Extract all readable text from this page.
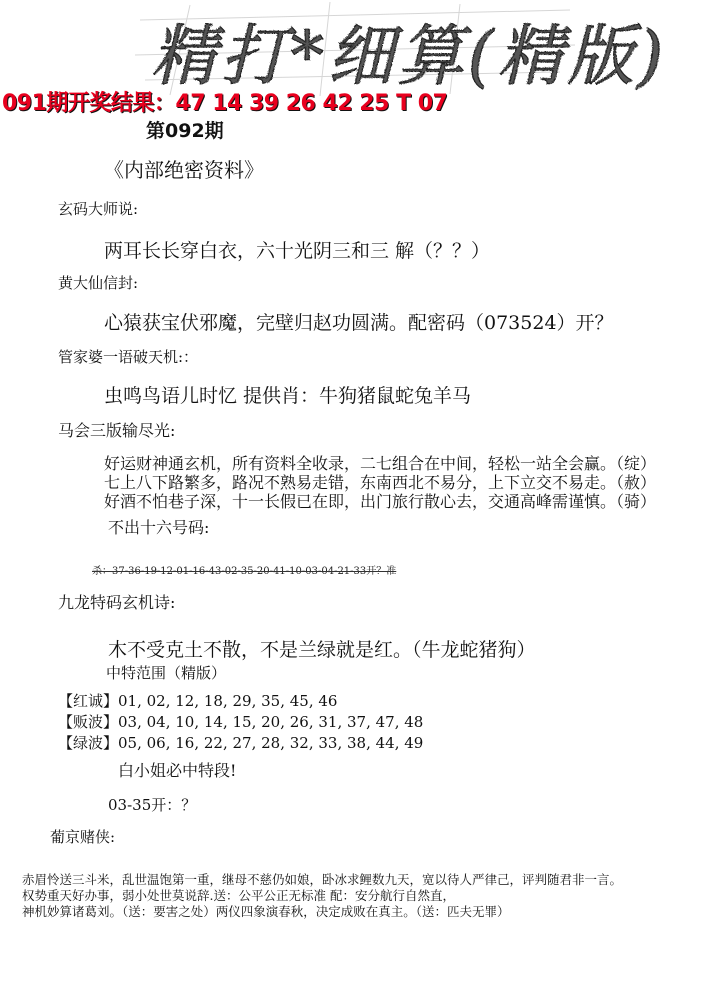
精打*细算(精版)
091期开奖结果：47 14 39 26 42 25 T 07
第092期
《内部绝密资料》
玄码大师说:
两耳长长穿白衣，六十光阴三和三 解（？？）
黄大仙信封:
心猿获宝伏邪魔，完壁归赵功圆满。配密码（073524）开？
管家婆一语破天机:：
虫鸣鸟语儿时忆 提供肖：牛狗猪鼠蛇兔羊马
马会三版输尽光:
好运财神通玄机，所有资料全收录，二七组合在中间，轻松一站全会赢。（绽）
七上八下路繁多，路况不熟易走错，东南西北不易分，上下立交不易走。（赦）
好酒不怕巷子深，十一长假已在即，出门旅行散心去，交通高峰需谨慎。（骑）
不出十六号码:
杀：37-36-19-12-01-16-43-02-35-20-41-10-03-04-21-33开？准
九龙特码玄机诗:
木不受克土不散，不是兰绿就是红。（牛龙蛇猪狗）
中特范围（精版）
【红诚】01, 02, 12, 18, 29, 35, 45, 46
【贩波】03, 04, 10, 14, 15, 20, 26, 31, 37, 47, 48
【绿波】05, 06, 16, 22, 27, 28, 32, 33, 38, 44, 49
白小姐必中特段!
03-35开：？
葡京赌侠:
赤眉怜送三斗米，乱世温饱第一重，继母不慈仍如娘，卧冰求鲤数九天，宽以待人严律己，评判随君非一言。
权势重天好办事，弱小处世莫说辞.送：公平公正无标准 配：安分航行自然直，
神机妙算诸葛刘。（送：要害之处）两仪四象演春秋，决定成败在真主。（送：匹夫无罪）
